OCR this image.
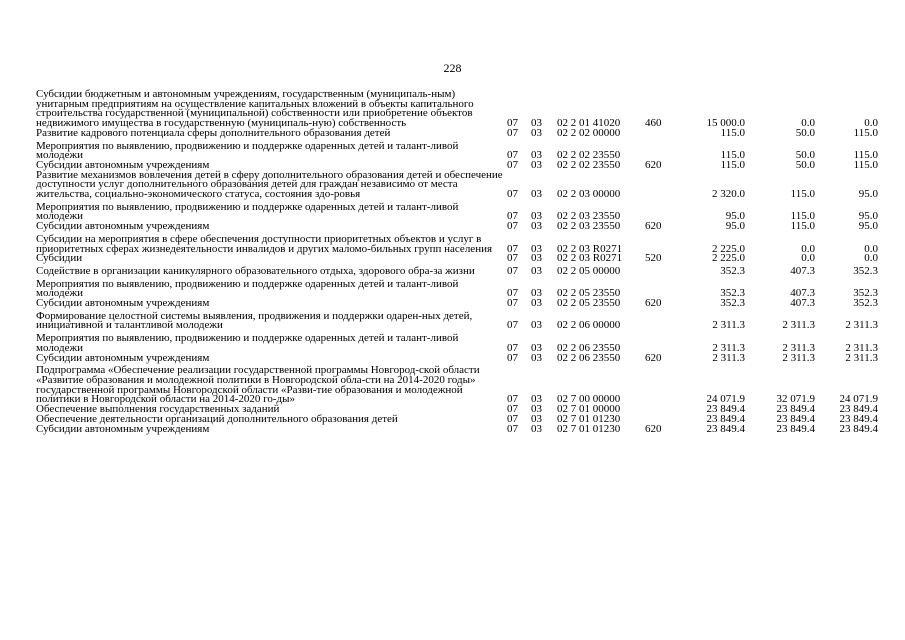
228
Субсидии бюджетным и автономным учреждениям, государственным (муниципаль-ным) унитарным предприятиям на осуществление капитальных вложений в объекты капитального строительства государственной (муниципальной) собственности или приобретение объектов недвижимого имущества в государственную (муниципаль-ную) собственность	07	03	02 2 01 41020	460	15 000.0	0.0	0.0
Развитие кадрового потенциала сферы дополнительного образования детей	07	03	02 2 02 00000		115.0	50.0	115.0
Мероприятия по выявлению, продвижению и поддержке одаренных детей и талант-ливой молодежи	07	03	02 2 02 23550		115.0	50.0	115.0
Субсидии автономным учреждениям	07	03	02 2 02 23550	620	115.0	50.0	115.0
Развитие механизмов вовлечения детей в сферу дополнительного образования детей и обеспечение доступности услуг дополнительного образования детей для граждан независимо от места жительства, социально-экономического статуса, состояния здо-ровья	07	03	02 2 03 00000		2 320.0	115.0	95.0
Мероприятия по выявлению, продвижению и поддержке одаренных детей и талант-ливой молодежи	07	03	02 2 03 23550		95.0	115.0	95.0
Субсидии автономным учреждениям	07	03	02 2 03 23550	620	95.0	115.0	95.0
Субсидии на мероприятия в сфере обеспечения доступности приоритетных объектов и услуг в приоритетных сферах жизнедеятельности инвалидов и других маломо-бильных групп населения	07	03	02 2 03 R0271		2 225.0	0.0	0.0
Субсидии	07	03	02 2 03 R0271	520	2 225.0	0.0	0.0
Содействие в организации каникулярного образовательного отдыха, здорового обра-за жизни	07	03	02 2 05 00000		352.3	407.3	352.3
Мероприятия по выявлению, продвижению и поддержке одаренных детей и талант-ливой молодежи	07	03	02 2 05 23550		352.3	407.3	352.3
Субсидии автономным учреждениям	07	03	02 2 05 23550	620	352.3	407.3	352.3
Формирование целостной системы выявления, продвижения и поддержки одарен-ных детей, инициативной и талантливой молодежи	07	03	02 2 06 00000		2 311.3	2 311.3	2 311.3
Мероприятия по выявлению, продвижению и поддержке одаренных детей и талант-ливой молодежи	07	03	02 2 06 23550		2 311.3	2 311.3	2 311.3
Субсидии автономным учреждениям	07	03	02 2 06 23550	620	2 311.3	2 311.3	2 311.3
Подпрограмма «Обеспечение реализации государственной программы Новгород-ской области «Развитие образования и молодежной политики в Новгородской обла-сти на 2014-2020 годы» государственной программы Новгородской области «Разви-тие образования и молодежной политики в Новгородской области на 2014-2020 го-ды»	07	03	02 7 00 00000		24 071.9	32 071.9	24 071.9
Обеспечение выполнения государственных заданий	07	03	02 7 01 00000		23 849.4	23 849.4	23 849.4
Обеспечение деятельности организаций дополнительного образования детей	07	03	02 7 01 01230		23 849.4	23 849.4	23 849.4
Субсидии автономным учреждениям	07	03	02 7 01 01230	620	23 849.4	23 849.4	23 849.4
